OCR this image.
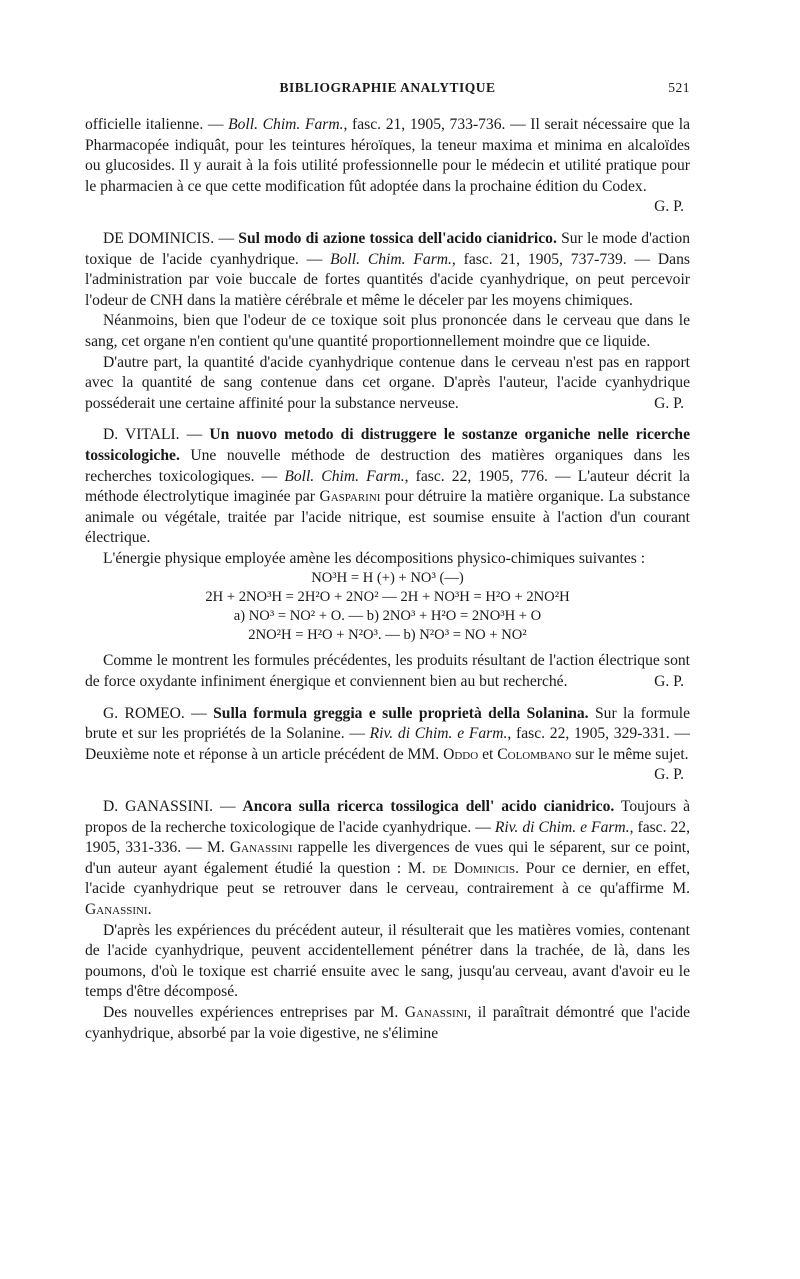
BIBLIOGRAPHIE ANALYTIQUE	521

officielle italienne. — Boll. Chim. Farm., fasc. 21, 1905, 733-736. — Il serait nécessaire que la Pharmacopée indiquât, pour les teintures héroïques, la teneur maxima et minima en alcaloïdes ou glucosides. Il y aurait à la fois utilité professionnelle pour le médecin et utilité pratique pour le pharmacien à ce que cette modification fût adoptée dans la prochaine édition du Codex.

G. P.

DE DOMINICIS. — Sul modo di azione tossica dell'acido cianidrico. Sur le mode d'action toxique de l'acide cyanhydrique. — Boll. Chim. Farm., fasc. 21, 1905, 737-739. — Dans l'administration par voie buccale de fortes quantités d'acide cyanhydrique, on peut percevoir l'odeur de CNH dans la matière cérébrale et même le déceler par les moyens chimiques.

Néanmoins, bien que l'odeur de ce toxique soit plus prononcée dans le cerveau que dans le sang, cet organe n'en contient qu'une quantité proportionnellement moindre que ce liquide.

D'autre part, la quantité d'acide cyanhydrique contenue dans le cerveau n'est pas en rapport avec la quantité de sang contenue dans cet organe. D'après l'auteur, l'acide cyanhydrique posséderait une certaine affinité pour la substance nerveuse.	G. P.

D. VITALI. — Un nuovo metodo di distruggere le sostanze organiche nelle ricerche tossicologiche. Une nouvelle méthode de destruction des matières organiques dans les recherches toxicologiques. — Boll. Chim. Farm., fasc. 22, 1905, 776. — L'auteur décrit la méthode électrolytique imaginée par Gasparini pour détruire la matière organique. La substance animale ou végétale, traitée par l'acide nitrique, est soumise ensuite à l'action d'un courant électrique.

L'énergie physique employée amène les décompositions physico-chimiques suivantes :

NO³H = H (+) + NO³ (—)

2H + 2NO³H = 2H²O + 2NO² — 2H + NO³H = H²O + 2NO²H

a) NO³ = NO² + O. — b) 2NO³ + H²O = 2NO³H + O

2NO²H = H²O + N²O³. — b) N²O³ = NO + NO²

Comme le montrent les formules précédentes, les produits résultant de l'action électrique sont de force oxydante infiniment énergique et conviennent bien au but recherché.	G. P.

G. ROMEO. — Sulla formula greggia e sulle proprietà della Solanina. Sur la formule brute et sur les propriétés de la Solanine. — Riv. di Chim. e Farm., fasc. 22, 1905, 329-331. — Deuxième note et réponse à un article précédent de MM. Oddo et Colombano sur le même sujet.
G. P.

D. GANASSINI. — Ancora sulla ricerca tossilogica dell' acido cianidrico. Toujours à propos de la recherche toxicologique de l'acide cyanhydrique. — Riv. di Chim. e Farm., fasc. 22, 1905, 331-336. — M. Ganassini rappelle les divergences de vues qui le séparent, sur ce point, d'un auteur ayant également étudié la question : M. de Dominicis. Pour ce dernier, en effet, l'acide cyanhydrique peut se retrouver dans le cerveau, contrairement à ce qu'affirme M. Ganassini.

D'après les expériences du précédent auteur, il résulterait que les matières vomies, contenant de l'acide cyanhydrique, peuvent accidentellement pénétrer dans la trachée, de là, dans les poumons, d'où le toxique est charrié ensuite avec le sang, jusqu'au cerveau, avant d'avoir eu le temps d'être décomposé.

Des nouvelles expériences entreprises par M. Ganassini, il paraîtrait démontré que l'acide cyanhydrique, absorbé par la voie digestive, ne s'élimine
